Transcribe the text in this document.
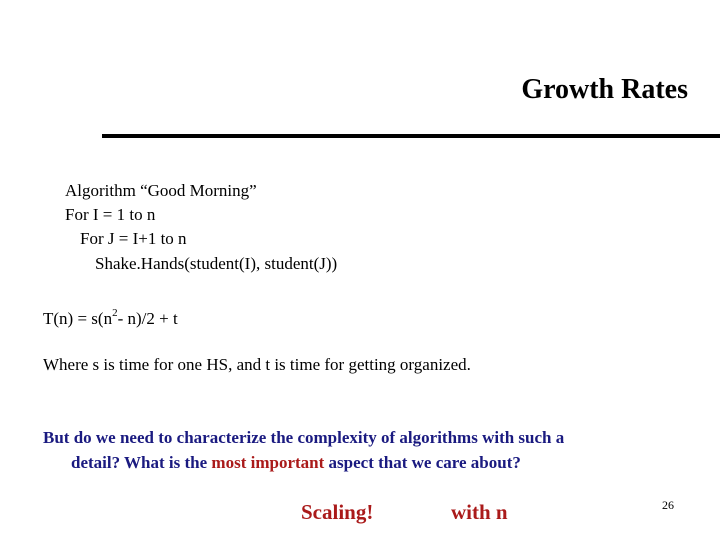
Growth Rates
Algorithm “Good Morning”
For I = 1 to n
For J = I+1 to n
Shake.Hands(student(I), student(J))
$T(n) = s(n^2-$ n)/2 + t
Where s is time for one HS, and t is time for getting organized.
But do we need to characterize the complexity of algorithms with such a
detail? What is the most important aspect that we care about?
Scaling!	with n	26
